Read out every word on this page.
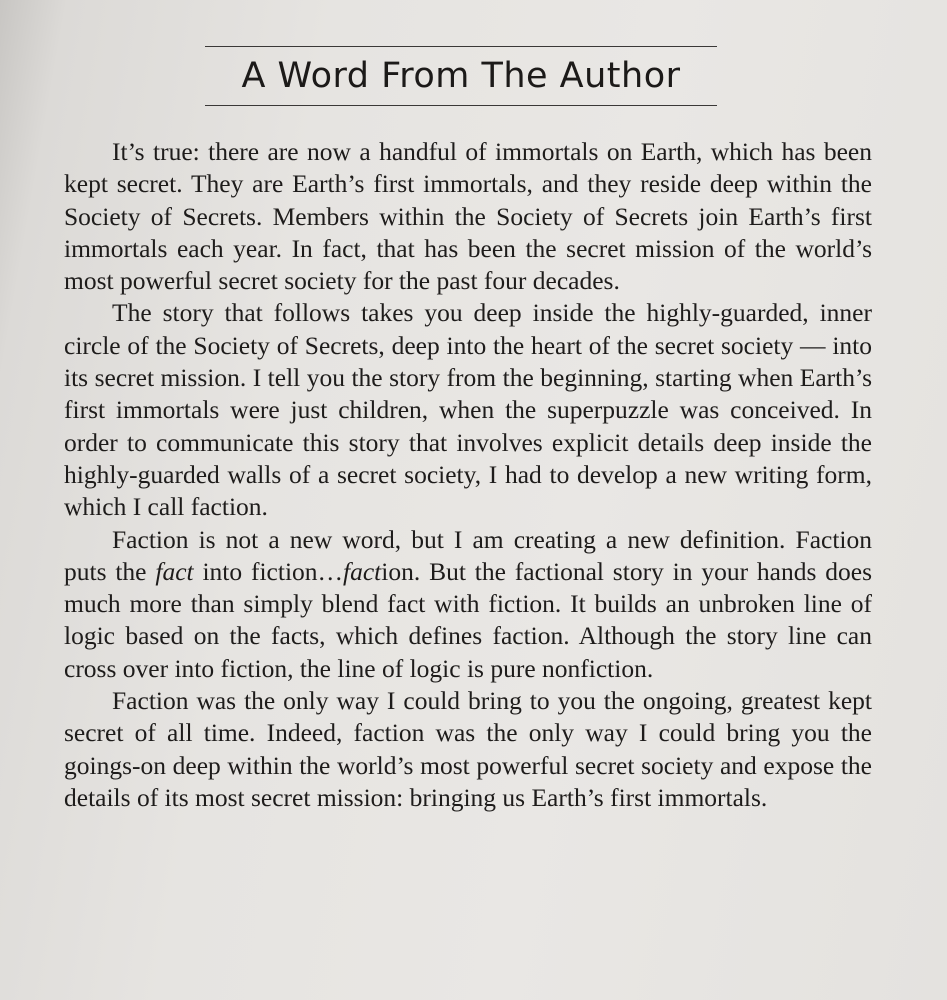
A Word From The Author

It’s true: there are now a handful of immortals on Earth, which has been kept secret. They are Earth’s first immortals, and they reside deep within the Society of Secrets. Members within the Society of Secrets join Earth’s first immortals each year. In fact, that has been the secret mission of the world’s most powerful secret society for the past four decades.

The story that follows takes you deep inside the highly-guarded, inner circle of the Society of Secrets, deep into the heart of the secret society — into its secret mission. I tell you the story from the beginning, starting when Earth’s first immortals were just children, when the superpuzzle was conceived. In order to communicate this story that involves explicit details deep inside the highly-guarded walls of a secret society, I had to develop a new writing form, which I call faction.

Faction is not a new word, but I am creating a new definition. Faction puts the fact into fiction…faction. But the factional story in your hands does much more than simply blend fact with fiction. It builds an unbroken line of logic based on the facts, which defines faction. Although the story line can cross over into fiction, the line of logic is pure nonfiction.

Faction was the only way I could bring to you the ongoing, greatest kept secret of all time. Indeed, faction was the only way I could bring you the goings-on deep within the world’s most powerful secret society and expose the details of its most secret mission: bringing us Earth’s first immortals.
